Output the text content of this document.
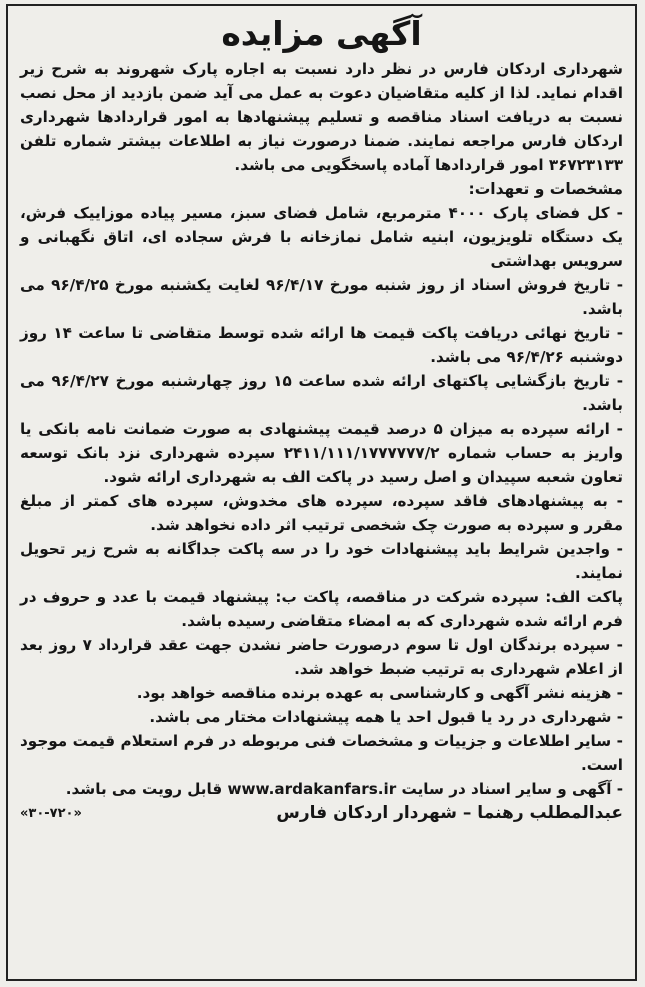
آگهی مزایده

شهرداری اردکان فارس در نظر دارد نسبت به اجاره پارک شهروند به شرح زیر اقدام نماید. لذا از کلیه متقاضیان دعوت به عمل می آید ضمن بازدید از محل نصب نسبت به دریافت اسناد مناقصه و تسلیم پیشنهادها به امور قراردادها شهرداری اردکان فارس مراجعه نمایند. ضمنا درصورت نیاز به اطلاعات بیشتر شماره تلفن ۳۶۷۲۳۱۳۳ امور قراردادها آماده پاسخگویی می باشد.

مشخصات و تعهدات:

- کل فضای پارک ۴۰۰۰ مترمربع، شامل فضای سبز، مسیر پیاده موزاییک فرش، یک دستگاه تلویزیون، ابنیه شامل نمازخانه با فرش سجاده ای، اتاق نگهبانی و سرویس بهداشتی

- تاریخ فروش اسناد از روز شنبه مورخ ۹۶/۴/۱۷ لغایت یکشنبه مورخ ۹۶/۴/۲۵ می باشد.

- تاریخ نهائی دریافت پاکت قیمت ها ارائه شده توسط متقاضی تا ساعت ۱۴ روز دوشنبه ۹۶/۴/۲۶ می باشد.

- تاریخ بازگشایی پاکتهای ارائه شده ساعت ۱۵ روز چهارشنبه مورخ ۹۶/۴/۲۷ می باشد.

- ارائه سپرده به میزان ۵ درصد قیمت پیشنهادی به صورت ضمانت نامه بانکی یا واریز به حساب شماره ۲۴۱۱/۱۱۱/۱۷۷۷۷۷۷/۲ سپرده شهرداری نزد بانک توسعه تعاون شعبه سپیدان و اصل رسید در پاکت الف به شهرداری ارائه شود.

- به پیشنهادهای فاقد سپرده، سپرده های مخدوش، سپرده های کمتر از مبلغ مقرر و سپرده به صورت چک شخصی ترتیب اثر داده نخواهد شد.

- واجدین شرایط باید پیشنهادات خود را در سه پاکت جداگانه به شرح زیر تحویل نمایند.

پاکت الف: سپرده شرکت در مناقصه، پاکت ب: پیشنهاد قیمت با عدد و حروف در فرم ارائه شده شهرداری که به امضاء متقاضی رسیده باشد.

- سپرده برندگان اول تا سوم درصورت حاضر نشدن جهت عقد قرارداد ۷ روز بعد از اعلام شهرداری به ترتیب ضبط خواهد شد.

- هزینه نشر آگهی و کارشناسی به عهده برنده مناقصه خواهد بود.

- شهرداری در رد یا قبول احد یا همه پیشنهادات مختار می باشد.

- سایر اطلاعات و جزییات و مشخصات فنی مربوطه در فرم استعلام قیمت موجود است.

- آگهی و سایر اسناد در سایت www.ardakanfars.ir قابل رویت می باشد.

عبدالمطلب رهنما – شهردار اردکان فارس
«۳۰-۷۲۰»
